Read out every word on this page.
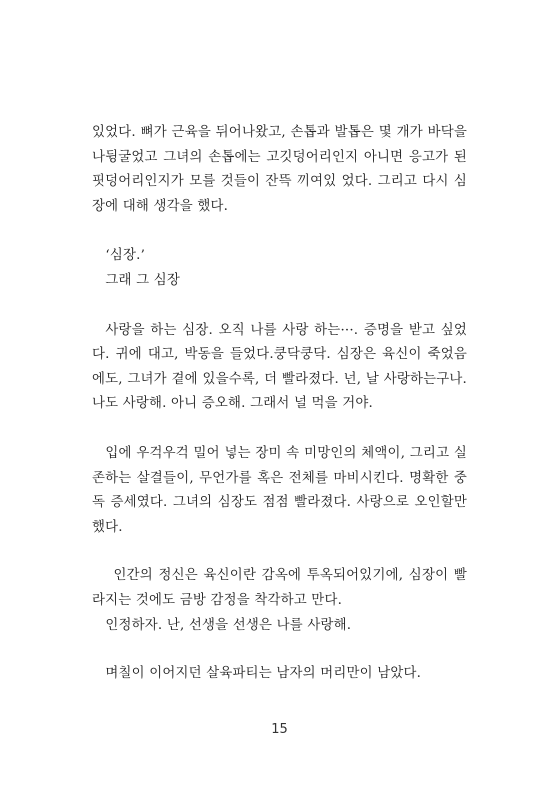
있었다. 뼈가 근육을 뒤어나왔고, 손톱과 발톱은 몇 개가 바닥을 나뒹굴었고 그녀의 손톱에는 고깃덩어리인지 아니면 응고가 된 핏덩어리인지가 모를 것들이 잔뜩 끼여있 었다. 그리고 다시 심장에 대해 생각을 했다.

‘심장.’

그래 그 심장

사랑을 하는 심장. 오직 나를 사랑 하는···. 증명을 받고 싶었다. 귀에 대고, 박동을 들었다.쿵닥쿵닥. 심장은 육신이 죽었음에도, 그녀가 곁에 있을수록, 더 빨라졌다. 넌, 날 사랑하는구나. 나도 사랑해. 아니 증오해. 그래서 널 먹을 거야.

입에 우걱우걱 밀어 넣는 장미 속 미망인의 체액이, 그리고 실존하는 살결들이, 무언가를 혹은 전체를 마비시킨다. 명확한 중독 증세였다. 그녀의 심장도 점점 빨라졌다. 사랑으로 오인할만했다.

인간의 정신은 육신이란 감옥에 투옥되어있기에, 심장이 빨라지는 것에도 금방 감정을 착각하고 만다.

인정하자. 난, 선생을 선생은 나를 사랑해.

며칠이 이어지던 살육파티는 남자의 머리만이 남았다.

15
